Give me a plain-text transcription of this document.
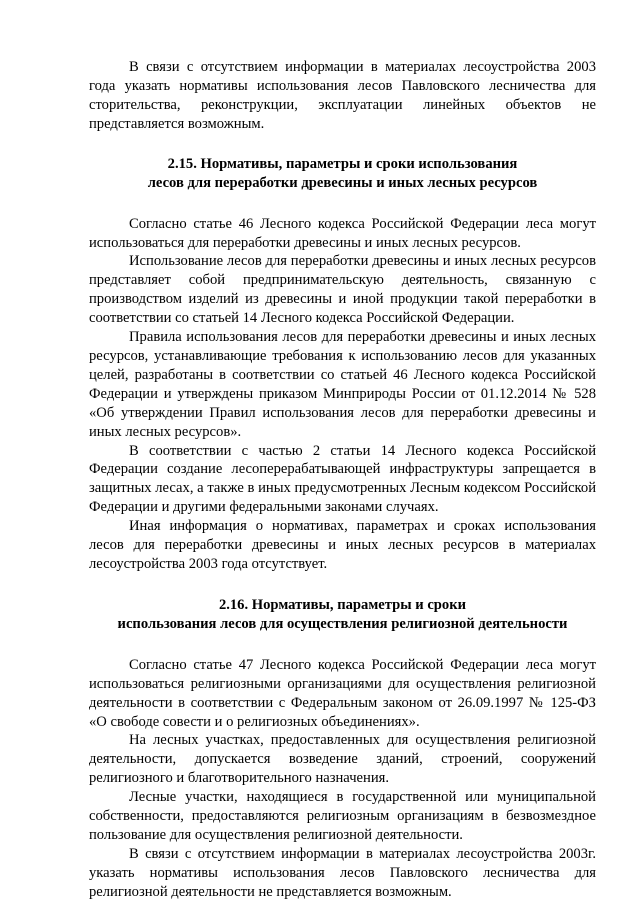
В связи с отсутствием информации в материалах лесоустройства 2003 года указать нормативы использования лесов Павловского лесничества для сторительства, реконструкции, эксплуатации линейных объектов не представляется возможным.

2.15. Нормативы, параметры и сроки использования
лесов для переработки древесины и иных лесных ресурсов

Согласно статье 46 Лесного кодекса Российской Федерации леса могут использоваться для переработки древесины и иных лесных ресурсов.

Использование лесов для переработки древесины и иных лесных ресурсов представляет собой предпринимательскую деятельность, связанную с производством изделий из древесины и иной продукции такой переработки в соответствии со статьей 14 Лесного кодекса Российской Федерации.

Правила использования лесов для переработки древесины и иных лесных ресурсов, устанавливающие требования к использованию лесов для указанных целей, разработаны в соответствии со статьей 46 Лесного кодекса Российской Федерации и утверждены приказом Минприроды России от 01.12.2014 № 528 «Об утверждении Правил использования лесов для переработки древесины и иных лесных ресурсов».

В соответствии с частью 2 статьи 14 Лесного кодекса Российской Федерации создание лесоперерабатывающей инфраструктуры запрещается в защитных лесах, а также в иных предусмотренных Лесным кодексом Российской Федерации и другими федеральными законами случаях.

Иная информация о нормативах, параметрах и сроках использования лесов для переработки древесины и иных лесных ресурсов в материалах лесоустройства 2003 года отсутствует.

2.16. Нормативы, параметры и сроки
использования лесов для осуществления религиозной деятельности

Согласно статье 47 Лесного кодекса Российской Федерации леса могут использоваться религиозными организациями для осуществления религиозной деятельности в соответствии с Федеральным законом от 26.09.1997 № 125-ФЗ «О свободе совести и о религиозных объединениях».

На лесных участках, предоставленных для осуществления религиозной деятельности, допускается возведение зданий, строений, сооружений религиозного и благотворительного назначения.

Лесные участки, находящиеся в государственной или муниципальной собственности, предоставляются религиозным организациям в безвозмездное пользование для осуществления религиозной деятельности.

В связи с отсутствием информации в материалах лесоустройства 2003г. указать нормативы использования лесов Павловского лесничества для религиозной деятельности не представляется возможным.
